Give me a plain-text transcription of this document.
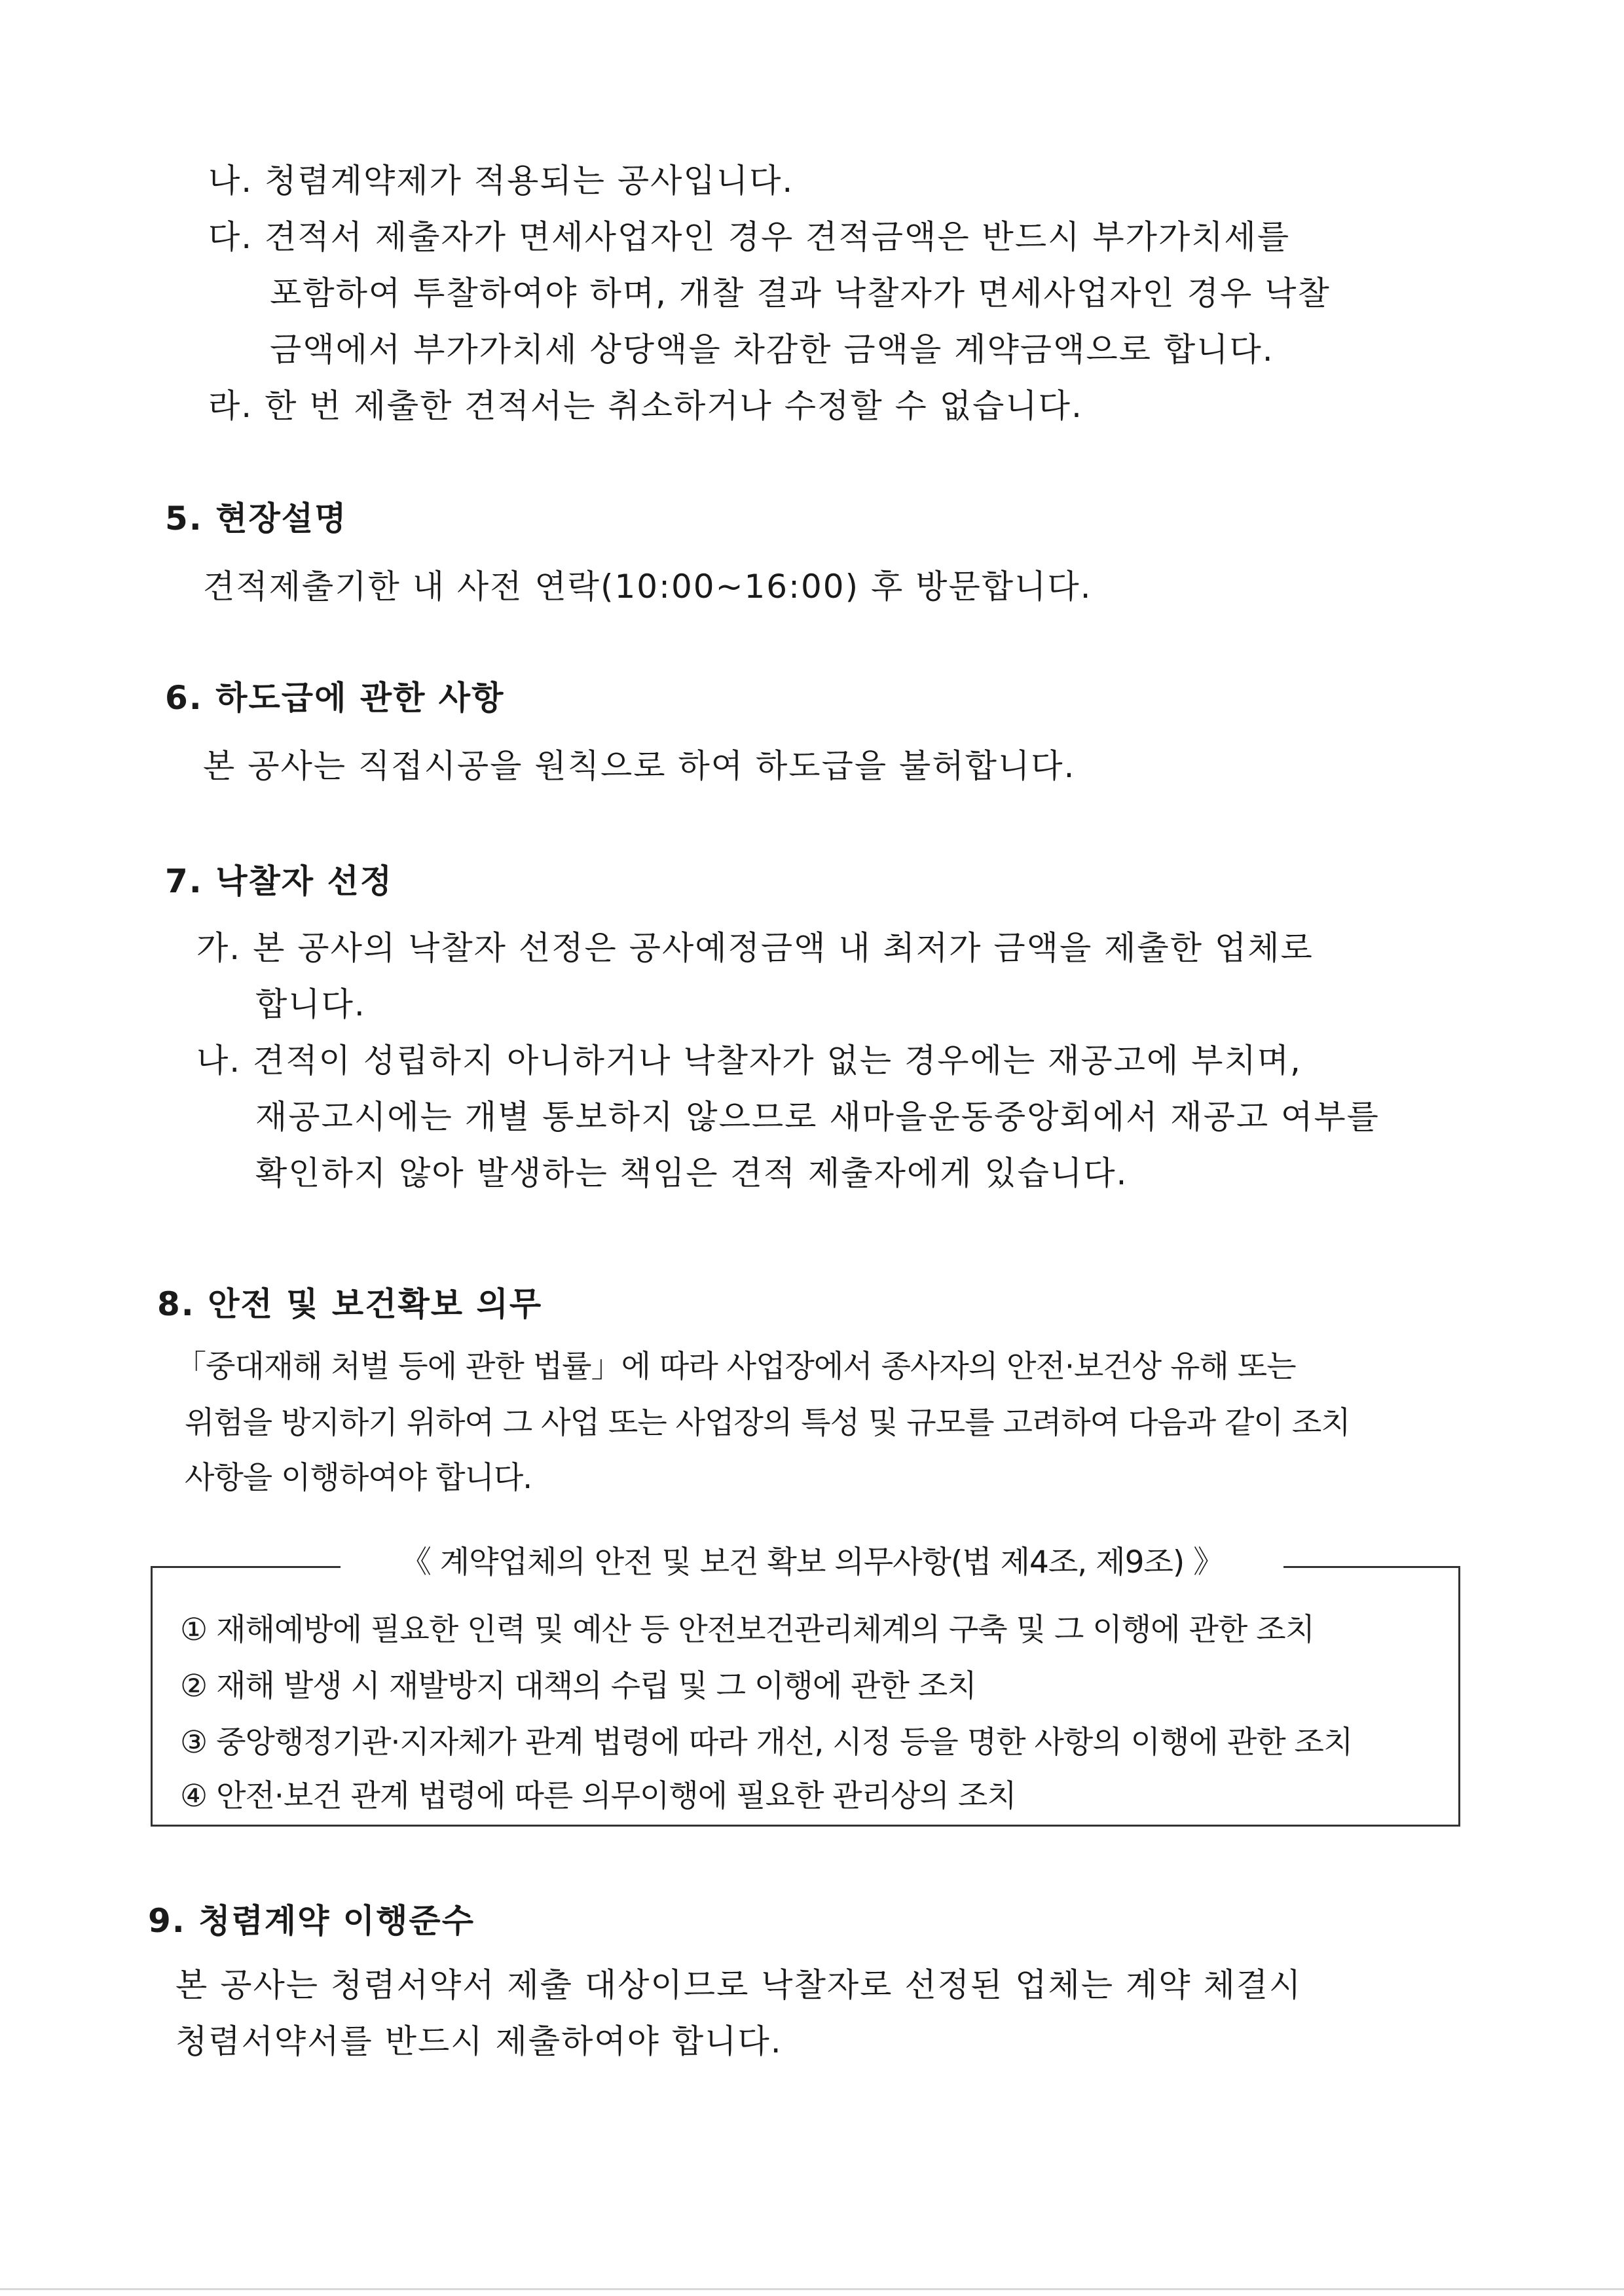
나. 청렴계약제가 적용되는 공사입니다.
다. 견적서 제출자가 면세사업자인 경우 견적금액은 반드시 부가가치세를
포함하여 투찰하여야 하며, 개찰 결과 낙찰자가 면세사업자인 경우 낙찰
금액에서 부가가치세 상당액을 차감한 금액을 계약금액으로 합니다.
라. 한 번 제출한 견적서는 취소하거나 수정할 수 없습니다.
5. 현장설명
견적제출기한 내 사전 연락(10:00~16:00) 후 방문합니다.
6. 하도급에 관한 사항
본 공사는 직접시공을 원칙으로 하여 하도급을 불허합니다.
7. 낙찰자 선정
가. 본 공사의 낙찰자 선정은 공사예정금액 내 최저가 금액을 제출한 업체로
합니다.
나. 견적이 성립하지 아니하거나 낙찰자가 없는 경우에는 재공고에 부치며,
재공고시에는 개별 통보하지 않으므로 새마을운동중앙회에서 재공고 여부를
확인하지 않아 발생하는 책임은 견적 제출자에게 있습니다.
8. 안전 및 보건확보 의무
「중대재해 처벌 등에 관한 법률」에 따라 사업장에서 종사자의 안전·보건상 유해 또는
위험을 방지하기 위하여 그 사업 또는 사업장의 특성 및 규모를 고려하여 다음과 같이 조치
사항을 이행하여야 합니다.
《 계약업체의 안전 및 보건 확보 의무사항(법 제4조, 제9조) 》
① 재해예방에 필요한 인력 및 예산 등 안전보건관리체계의 구축 및 그 이행에 관한 조치
② 재해 발생 시 재발방지 대책의 수립 및 그 이행에 관한 조치
③ 중앙행정기관·지자체가 관계 법령에 따라 개선, 시정 등을 명한 사항의 이행에 관한 조치
④ 안전·보건 관계 법령에 따른 의무이행에 필요한 관리상의 조치
9. 청렴계약 이행준수
본 공사는 청렴서약서 제출 대상이므로 낙찰자로 선정된 업체는 계약 체결시
청렴서약서를 반드시 제출하여야 합니다.
